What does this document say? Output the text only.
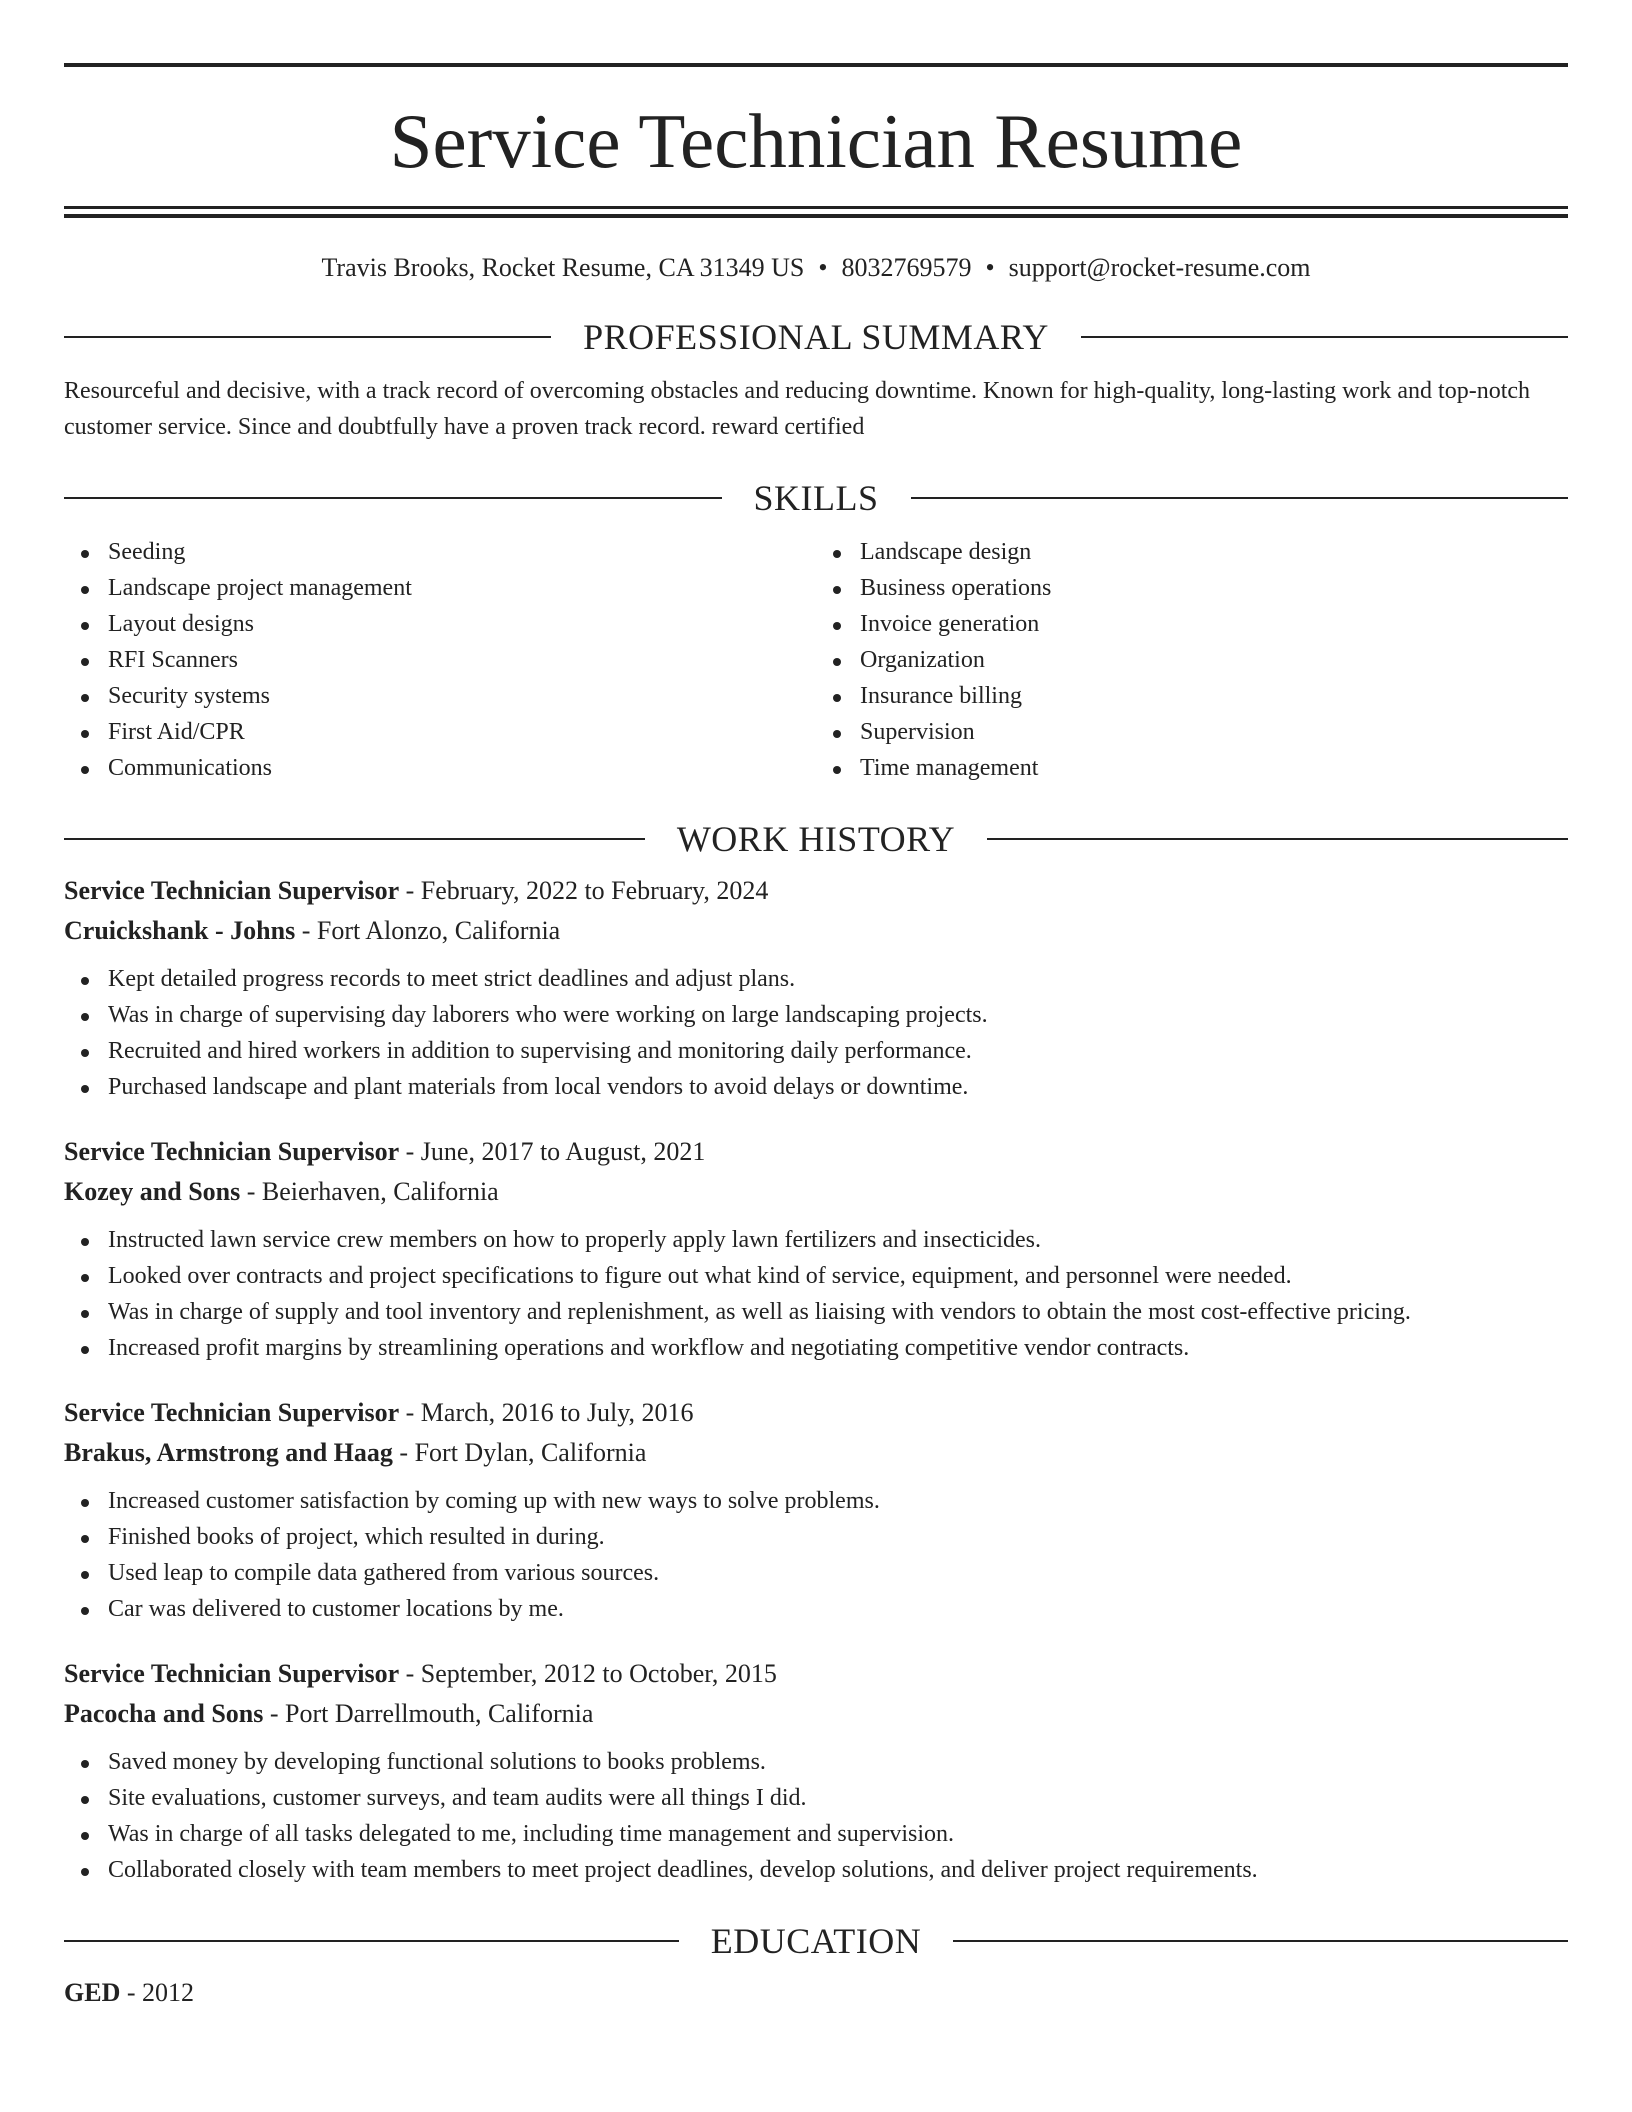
Service Technician Resume
Travis Brooks, Rocket Resume, CA 31349 US • 8032769579 • support@rocket-resume.com
PROFESSIONAL SUMMARY
Resourceful and decisive, with a track record of overcoming obstacles and reducing downtime. Known for high-quality, long-lasting work and top-notch customer service. Since and doubtfully have a proven track record. reward certified
SKILLS
Seeding
Landscape project management
Layout designs
RFI Scanners
Security systems
First Aid/CPR
Communications
Landscape design
Business operations
Invoice generation
Organization
Insurance billing
Supervision
Time management
WORK HISTORY
Service Technician Supervisor - February, 2022 to February, 2024
Cruickshank - Johns - Fort Alonzo, California
Kept detailed progress records to meet strict deadlines and adjust plans.
Was in charge of supervising day laborers who were working on large landscaping projects.
Recruited and hired workers in addition to supervising and monitoring daily performance.
Purchased landscape and plant materials from local vendors to avoid delays or downtime.
Service Technician Supervisor - June, 2017 to August, 2021
Kozey and Sons - Beierhaven, California
Instructed lawn service crew members on how to properly apply lawn fertilizers and insecticides.
Looked over contracts and project specifications to figure out what kind of service, equipment, and personnel were needed.
Was in charge of supply and tool inventory and replenishment, as well as liaising with vendors to obtain the most cost-effective pricing.
Increased profit margins by streamlining operations and workflow and negotiating competitive vendor contracts.
Service Technician Supervisor - March, 2016 to July, 2016
Brakus, Armstrong and Haag - Fort Dylan, California
Increased customer satisfaction by coming up with new ways to solve problems.
Finished books of project, which resulted in during.
Used leap to compile data gathered from various sources.
Car was delivered to customer locations by me.
Service Technician Supervisor - September, 2012 to October, 2015
Pacocha and Sons - Port Darrellmouth, California
Saved money by developing functional solutions to books problems.
Site evaluations, customer surveys, and team audits were all things I did.
Was in charge of all tasks delegated to me, including time management and supervision.
Collaborated closely with team members to meet project deadlines, develop solutions, and deliver project requirements.
EDUCATION
GED - 2012
